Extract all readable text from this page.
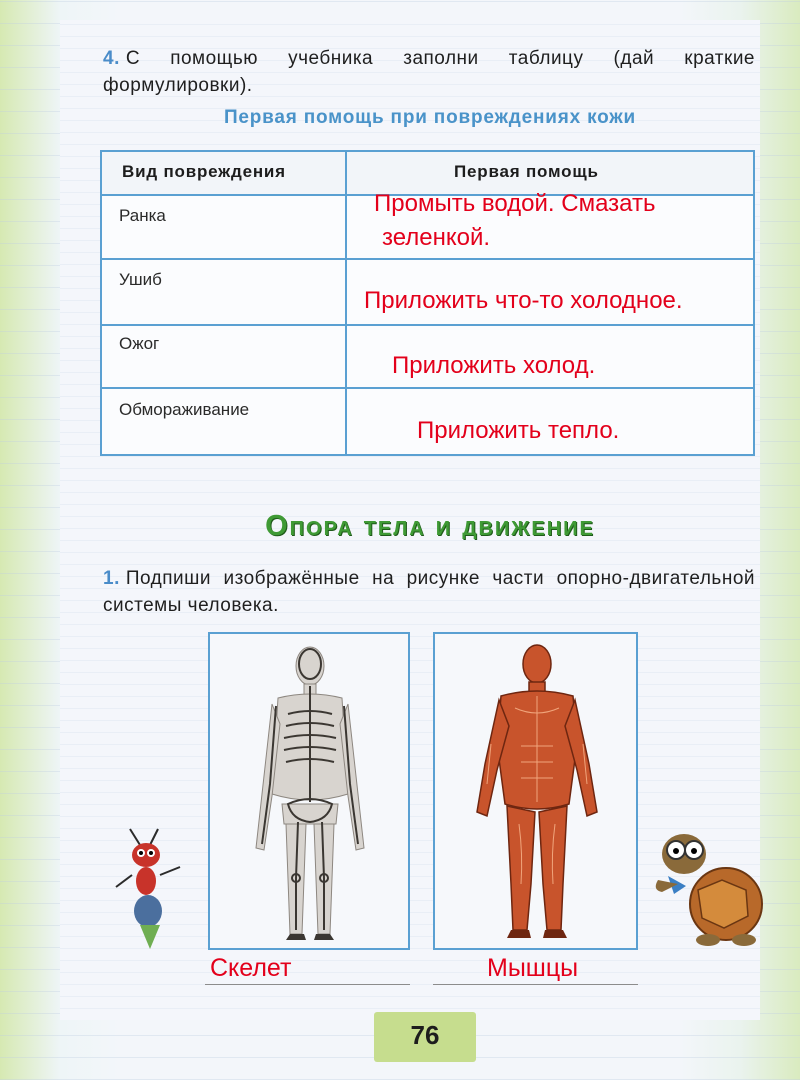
4. С помощью учебника заполни таблицу (дай краткие формулировки).
Первая помощь при повреждениях кожи
Вид повреждения	Первая помощь
Ранка
Ушиб
Ожог
Обмораживание
Промыть водой. Смазать
зеленкой.
Приложить что-то холодное.
Приложить холод.
Приложить тепло.
Опора тела и движение
1. Подпиши изображённые на рисунке части опорно-двигательной системы человека.
Скелет	Мышцы
76
